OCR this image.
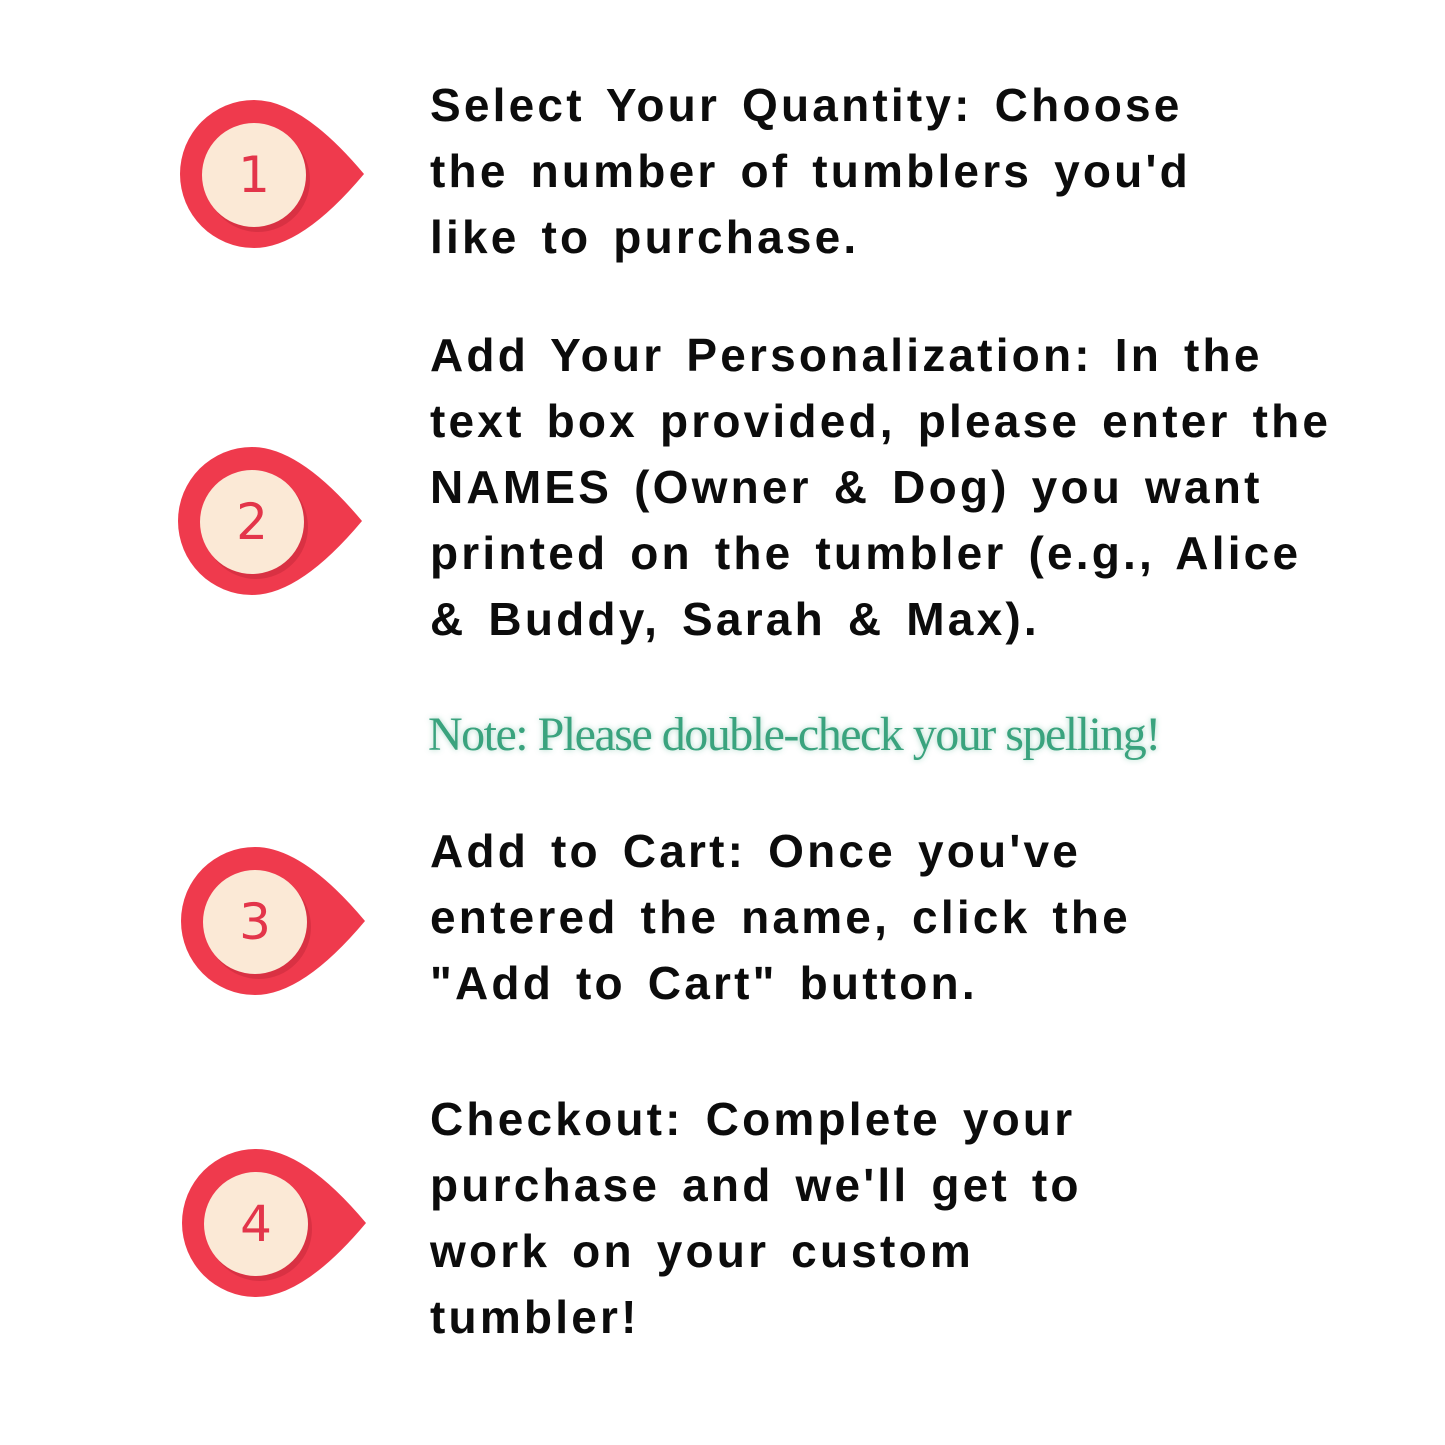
1

Select Your Quantity: Choose
the number of tumblers you'd
like to purchase.

2

Add Your Personalization: In the
text box provided, please enter the
NAMES (Owner & Dog) you want
printed on the tumbler (e.g., Alice
& Buddy, Sarah & Max).

Note: Please double-check your spelling!

3

Add to Cart: Once you've
entered the name, click the
"Add to Cart" button.

4

Checkout: Complete your
purchase and we'll get to
work on your custom
tumbler!
